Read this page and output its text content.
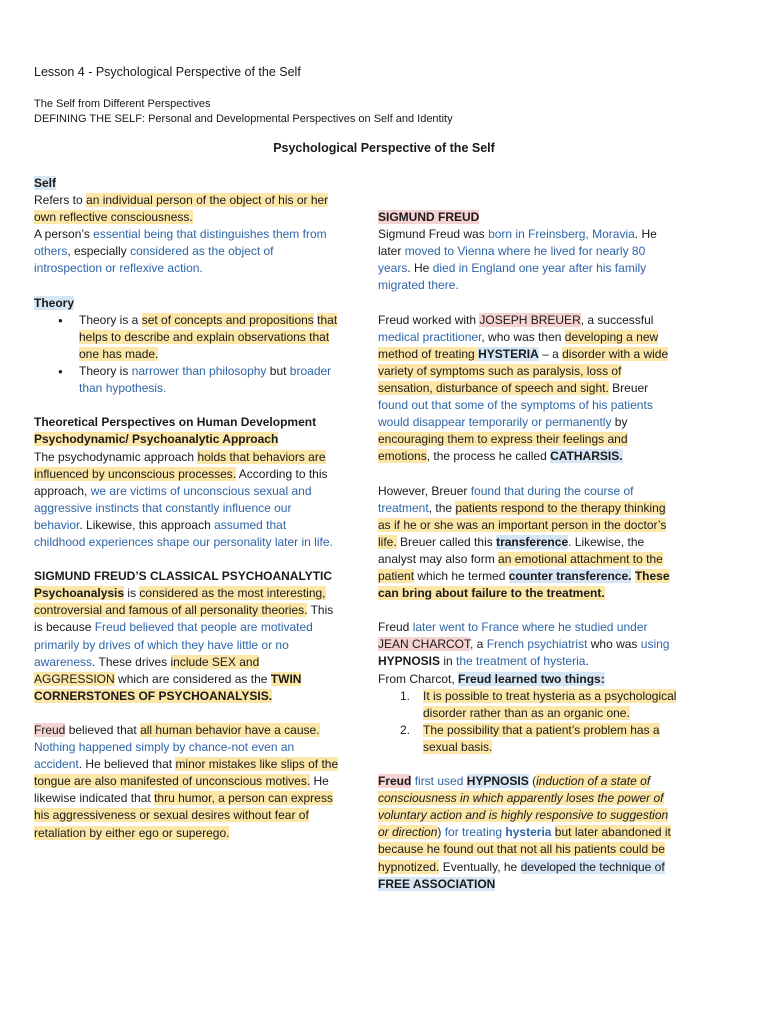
Lesson 4 - Psychological Perspective of the Self
The Self from Different Perspectives
DEFINING THE SELF: Personal and Developmental Perspectives on Self and Identity
Psychological Perspective of the Self

Self

Refers to an individual person of the object of his or her own reflective consciousness.

A person’s essential being that distinguishes them from others, especially considered as the object of introspection or reflexive action.

Theory

● Theory is a set of concepts and propositions that helps to describe and explain observations that one has made.
● Theory is narrower than philosophy but broader than hypothesis.

Theoretical Perspectives on Human Development

Psychodynamic/ Psychoanalytic Approach

The psychodynamic approach holds that behaviors are influenced by unconscious processes. According to this approach, we are victims of unconscious sexual and aggressive instincts that constantly influence our behavior. Likewise, this approach assumed that childhood experiences shape our personality later in life.

SIGMUND FREUD’S CLASSICAL PSYCHOANALYTIC

Psychoanalysis is considered as the most interesting, controversial and famous of all personality theories. This is because Freud believed that people are motivated primarily by drives of which they have little or no awareness. These drives include SEX and AGGRESSION which are considered as the TWIN CORNERSTONES OF PSYCHOANALYSIS.

Freud believed that all human behavior have a cause. Nothing happened simply by chance-not even an accident. He believed that minor mistakes like slips of the tongue are also manifested of unconscious motives. He likewise indicated that thru humor, a person can express his aggressiveness or sexual desires without fear of retaliation by either ego or superego.

SIGMUND FREUD

Sigmund Freud was born in Freinsberg, Moravia. He later moved to Vienna where he lived for nearly 80 years. He died in England one year after his family migrated there.

Freud worked with JOSEPH BREUER, a successful medical practitioner, who was then developing a new method of treating HYSTERIA – a disorder with a wide variety of symptoms such as paralysis, loss of sensation, disturbance of speech and sight. Breuer found out that some of the symptoms of his patients would disappear temporarily or permanently by encouraging them to express their feelings and emotions, the process he called CATHARSIS.

However, Breuer found that during the course of treatment, the patients respond to the therapy thinking as if he or she was an important person in the doctor’s life. Breuer called this transference. Likewise, the analyst may also form an emotional attachment to the patient which he termed counter transference. These can bring about failure to the treatment.

Freud later went to France where he studied under JEAN CHARCOT, a French psychiatrist who was using HYPNOSIS in the treatment of hysteria.

From Charcot, Freud learned two things:

1. It is possible to treat hysteria as a psychological disorder rather than as an organic one.
2. The possibility that a patient’s problem has a sexual basis.

Freud first used HYPNOSIS (induction of a state of consciousness in which apparently loses the power of voluntary action and is highly responsive to suggestion or direction) for treating hysteria but later abandoned it because he found out that not all his patients could be hypnotized. Eventually, he developed the technique of FREE ASSOCIATION
